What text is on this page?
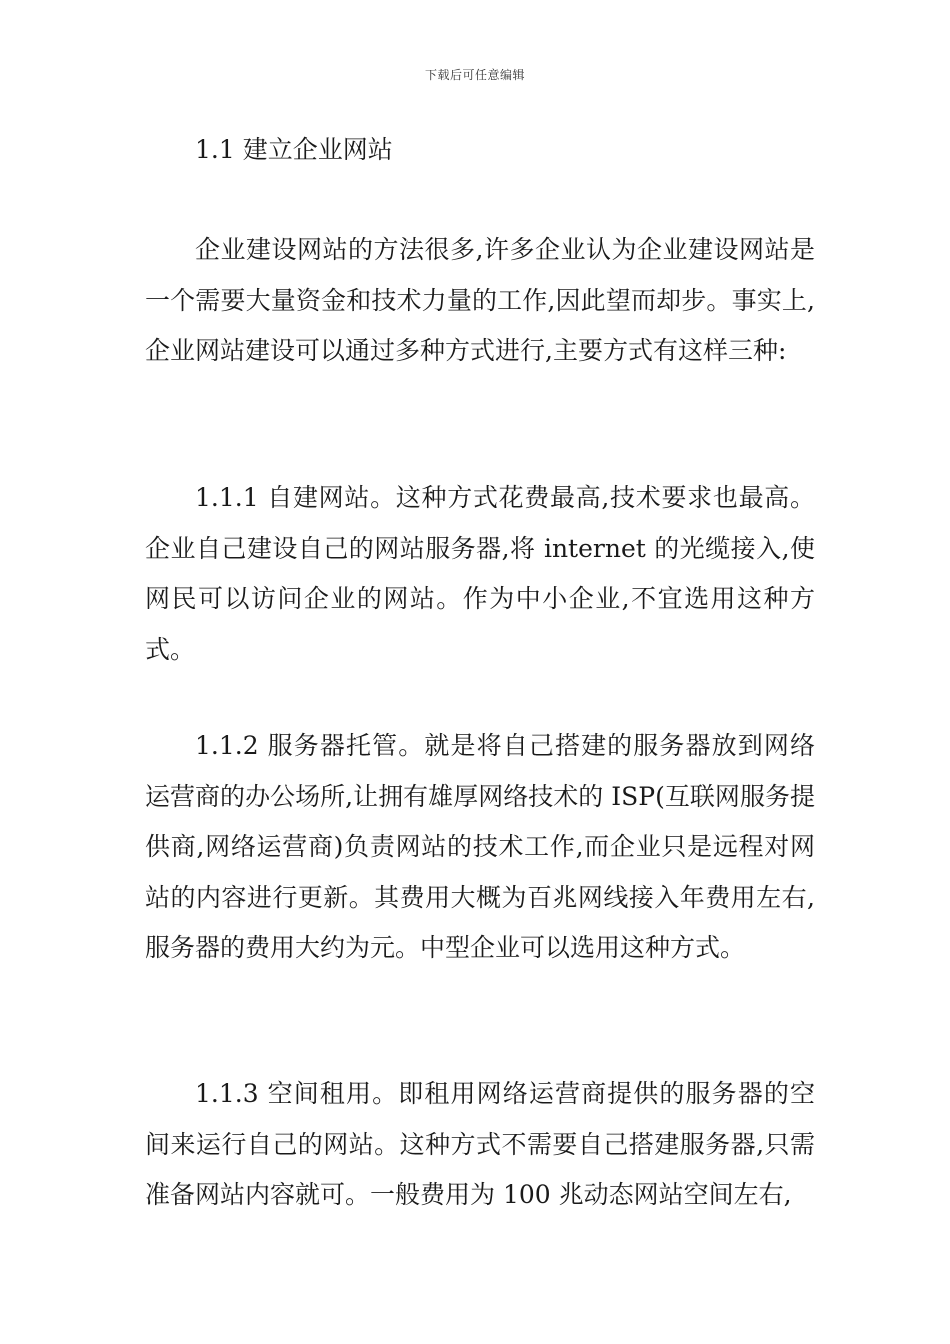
下载后可任意编辑
1.1 建立企业网站

企业建设网站的方法很多,许多企业认为企业建设网站是一个需要大量资金和技术力量的工作,因此望而却步。事实上,企业网站建设可以通过多种方式进行,主要方式有这样三种:

1.1.1 自建网站。这种方式花费最高,技术要求也最高。企业自己建设自己的网站服务器,将 internet 的光缆接入,使网民可以访问企业的网站。作为中小企业,不宜选用这种方式。

1.1.2 服务器托管。就是将自己搭建的服务器放到网络运营商的办公场所,让拥有雄厚网络技术的 ISP(互联网服务提供商,网络运营商)负责网站的技术工作,而企业只是远程对网站的内容进行更新。其费用大概为百兆网线接入年费用左右,服务器的费用大约为元。中型企业可以选用这种方式。

1.1.3 空间租用。即租用网络运营商提供的服务器的空间来运行自己的网站。这种方式不需要自己搭建服务器,只需准备网站内容就可。一般费用为 100 兆动态网站空间左右,
